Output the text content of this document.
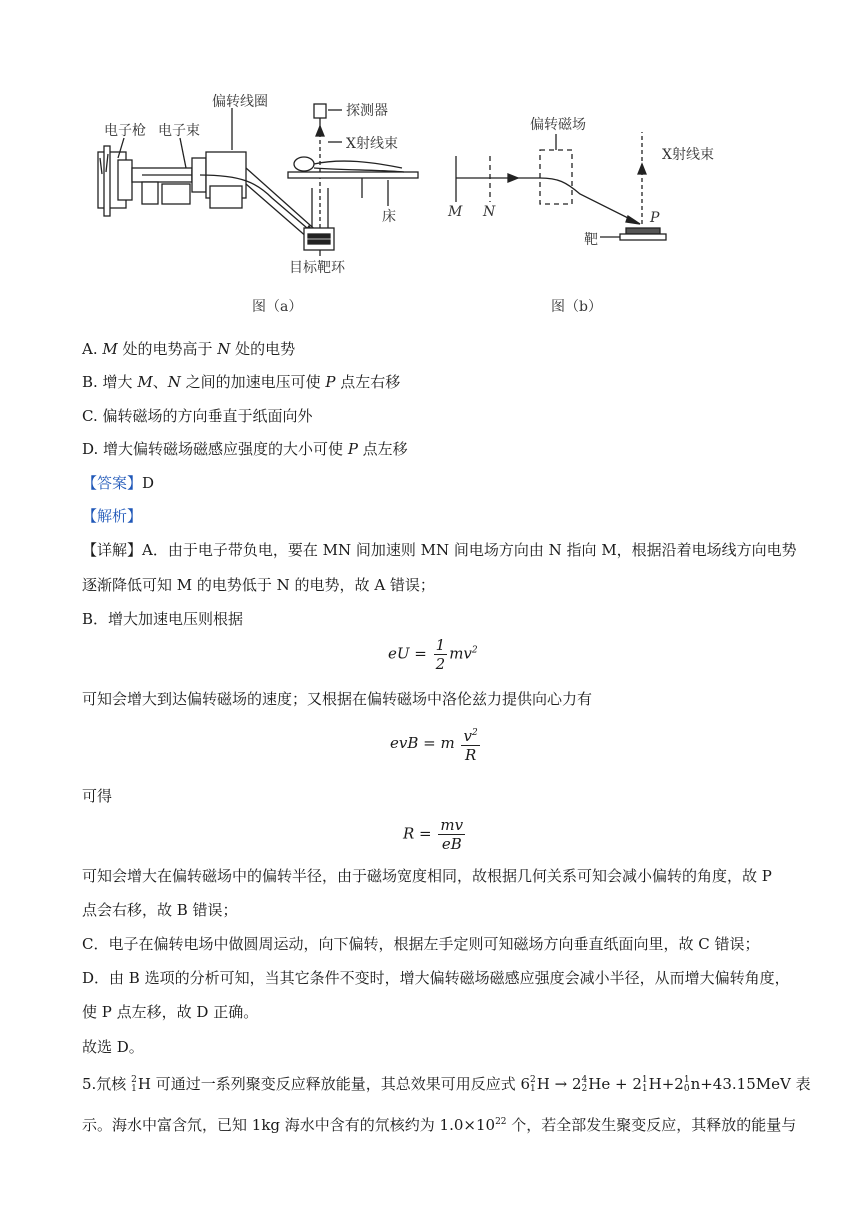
电子枪 电子束
偏转线圈
探测器
X射线束
床
目标靶环
图（a）
偏转磁场
X射线束
M N	P
靶
图（b）
A. M 处的电势高于 N 处的电势
B. 增大 M、N 之间的加速电压可使 P 点左右移
C. 偏转磁场的方向垂直于纸面向外
D. 增大偏转磁场磁感应强度的大小可使 P 点左移
【答案】D
【解析】
【详解】A．由于电子带负电，要在 MN 间加速则 MN 间电场方向由 N 指向 M，根据沿着电场线方向电势
逐渐降低可知 M 的电势低于 N 的电势，故 A 错误；
B．增大加速电压则根据
eU = $\frac{1}{2} mv^2$
可知会增大到达偏转磁场的速度；又根据在偏转磁场中洛伦兹力提供向心力有
evB = m $\frac{v^2}{R}$
可得
$R = \frac{mv}{eB}$
可知会增大在偏转磁场中的偏转半径，由于磁场宽度相同，故根据几何关系可知会减小偏转的角度，故 P
点会右移，故 B 错误；
C．电子在偏转电场中做圆周运动，向下偏转，根据左手定则可知磁场方向垂直纸面向里，故 C 错误；
D．由 B 选项的分析可知，当其它条件不变时，增大偏转磁场磁感应强度会减小半径，从而增大偏转角度，
使 P 点左移，故 D 正确。
故选 D。
5.氘核 2
1 H 可通过一系列聚变反应释放能量，其总效果可用反应式 6 2
1 H → 2 4
2 He + 2 1
1 H+2 1
0 n+43.15MeV 表
示。海水中富含氘，已知 1kg 海水中含有的氘核约为 $1.0\times 10^{22}$ 个，若全部发生聚变反应，其释放的能量与
